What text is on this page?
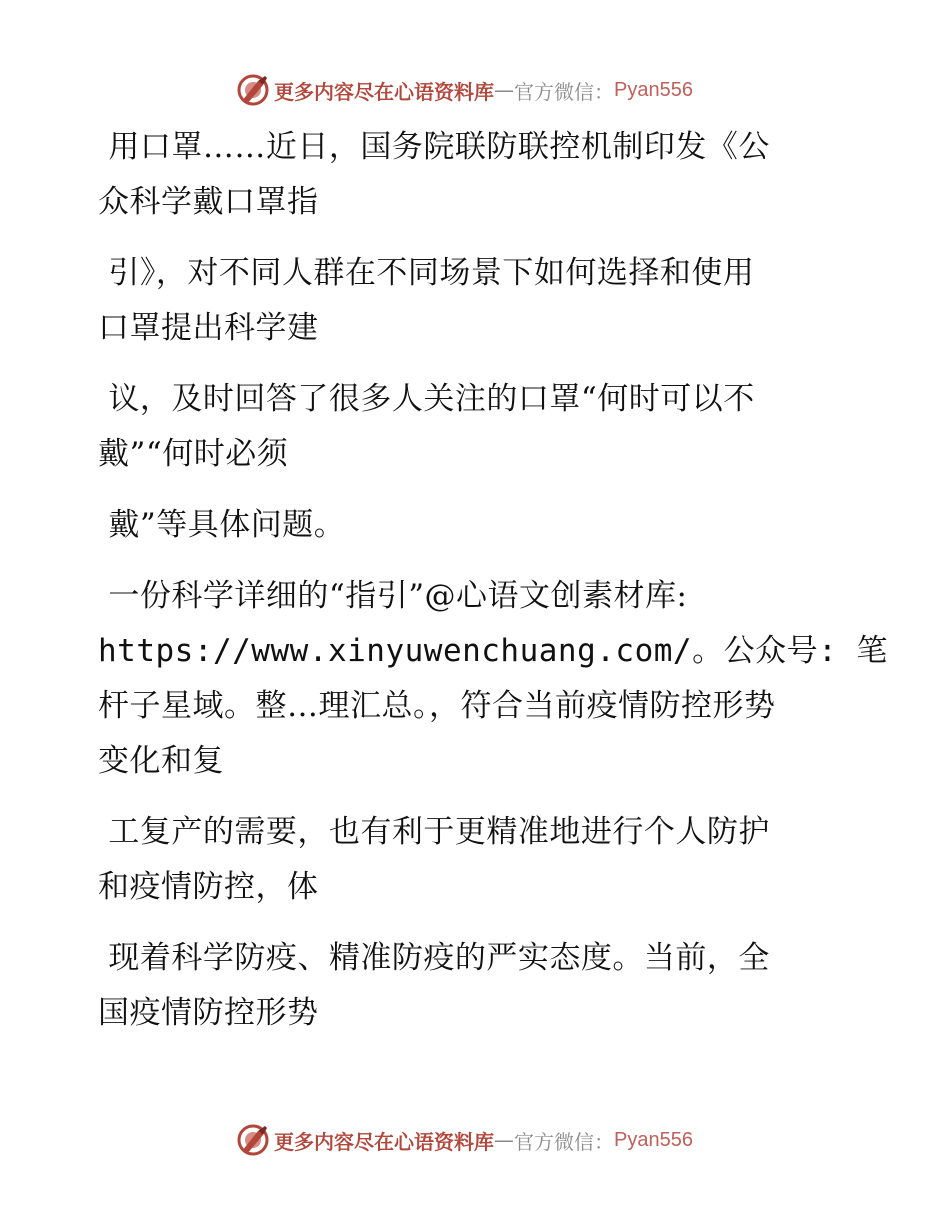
更多内容尽在心语资料库 — 官方微信： Pyan556
用口罩……近日，国务院联防联控机制印发《公
众科学戴口罩指
引》，对不同人群在不同场景下如何选择和使用
口罩提出科学建
议，及时回答了很多人关注的口罩“何时可以不
戴”“何时必须
戴”等具体问题。
一份科学详细的“指引”@心语文创素材库:
https://www.xinyuwenchuang.com/。公众号: 笔
杆子星域。整…理汇总。，符合当前疫情防控形势
变化和复
工复产的需要，也有利于更精准地进行个人防护
和疫情防控，体
现着科学防疫、精准防疫的严实态度。当前，全
国疫情防控形势
更多内容尽在心语资料库 — 官方微信： Pyan556
